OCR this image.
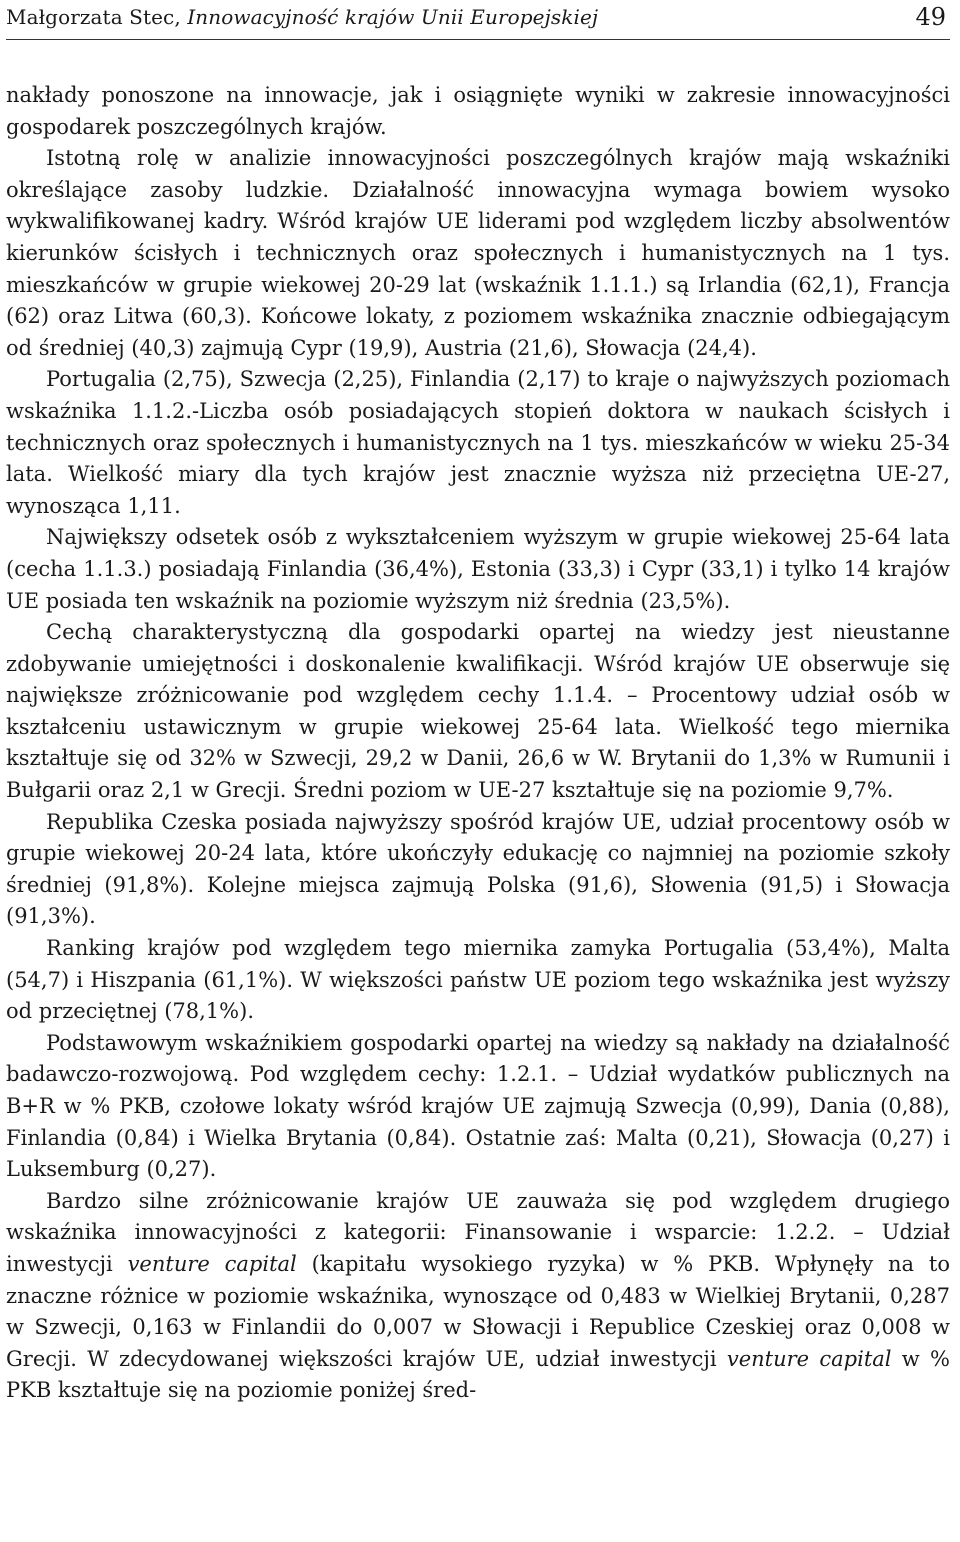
Małgorzata Stec, Innowacyjność krajów Unii Europejskiej	49

nakłady ponoszone na innowacje, jak i osiągnięte wyniki w zakresie innowacyjności gospodarek poszczególnych krajów.

Istotną rolę w analizie innowacyjności poszczególnych krajów mają wskaźniki określające zasoby ludzkie. Działalność innowacyjna wymaga bowiem wysoko wykwalifikowanej kadry. Wśród krajów UE liderami pod względem liczby absolwentów kierunków ścisłych i technicznych oraz społecznych i humanistycznych na 1 tys. mieszkańców w grupie wiekowej 20-29 lat (wskaźnik 1.1.1.) są Irlandia (62,1), Francja (62) oraz Litwa (60,3). Końcowe lokaty, z poziomem wskaźnika znacznie odbiegającym od średniej (40,3) zajmują Cypr (19,9), Austria (21,6), Słowacja (24,4).

Portugalia (2,75), Szwecja (2,25), Finlandia (2,17) to kraje o najwyższych poziomach wskaźnika 1.1.2.-Liczba osób posiadających stopień doktora w naukach ścisłych i technicznych oraz społecznych i humanistycznych na 1 tys. mieszkańców w wieku 25-34 lata. Wielkość miary dla tych krajów jest znacznie wyższa niż przeciętna UE-27, wynosząca 1,11.

Największy odsetek osób z wykształceniem wyższym w grupie wiekowej 25-64 lata (cecha 1.1.3.) posiadają Finlandia (36,4%), Estonia (33,3) i Cypr (33,1) i tylko 14 krajów UE posiada ten wskaźnik na poziomie wyższym niż średnia (23,5%).

Cechą charakterystyczną dla gospodarki opartej na wiedzy jest nieustanne zdobywanie umiejętności i doskonalenie kwalifikacji. Wśród krajów UE obserwuje się największe zróżnicowanie pod względem cechy 1.1.4. – Procentowy udział osób w kształceniu ustawicznym w grupie wiekowej 25-64 lata. Wielkość tego miernika kształtuje się od 32% w Szwecji, 29,2 w Danii, 26,6 w W. Brytanii do 1,3% w Rumunii i Bułgarii oraz 2,1 w Grecji. Średni poziom w UE-27 kształtuje się na poziomie 9,7%.

Republika Czeska posiada najwyższy spośród krajów UE, udział procentowy osób w grupie wiekowej 20-24 lata, które ukończyły edukację co najmniej na poziomie szkoły średniej (91,8%). Kolejne miejsca zajmują Polska (91,6), Słowenia (91,5) i Słowacja (91,3%).

Ranking krajów pod względem tego miernika zamyka Portugalia (53,4%), Malta (54,7) i Hiszpania (61,1%). W większości państw UE poziom tego wskaźnika jest wyższy od przeciętnej (78,1%).

Podstawowym wskaźnikiem gospodarki opartej na wiedzy są nakłady na działalność badawczo-rozwojową. Pod względem cechy: 1.2.1. – Udział wydatków publicznych na B+R w % PKB, czołowe lokaty wśród krajów UE zajmują Szwecja (0,99), Dania (0,88), Finlandia (0,84) i Wielka Brytania (0,84). Ostatnie zaś: Malta (0,21), Słowacja (0,27) i Luksemburg (0,27).

Bardzo silne zróżnicowanie krajów UE zauważa się pod względem drugiego wskaźnika innowacyjności z kategorii: Finansowanie i wsparcie: 1.2.2. – Udział inwestycji venture capital (kapitału wysokiego ryzyka) w % PKB. Wpłynęły na to znaczne różnice w poziomie wskaźnika, wynoszące od 0,483 w Wielkiej Brytanii, 0,287 w Szwecji, 0,163 w Finlandii do 0,007 w Słowacji i Republice Czeskiej oraz 0,008 w Grecji. W zdecydowanej większości krajów UE, udział inwestycji venture capital w % PKB kształtuje się na poziomie poniżej śred-
